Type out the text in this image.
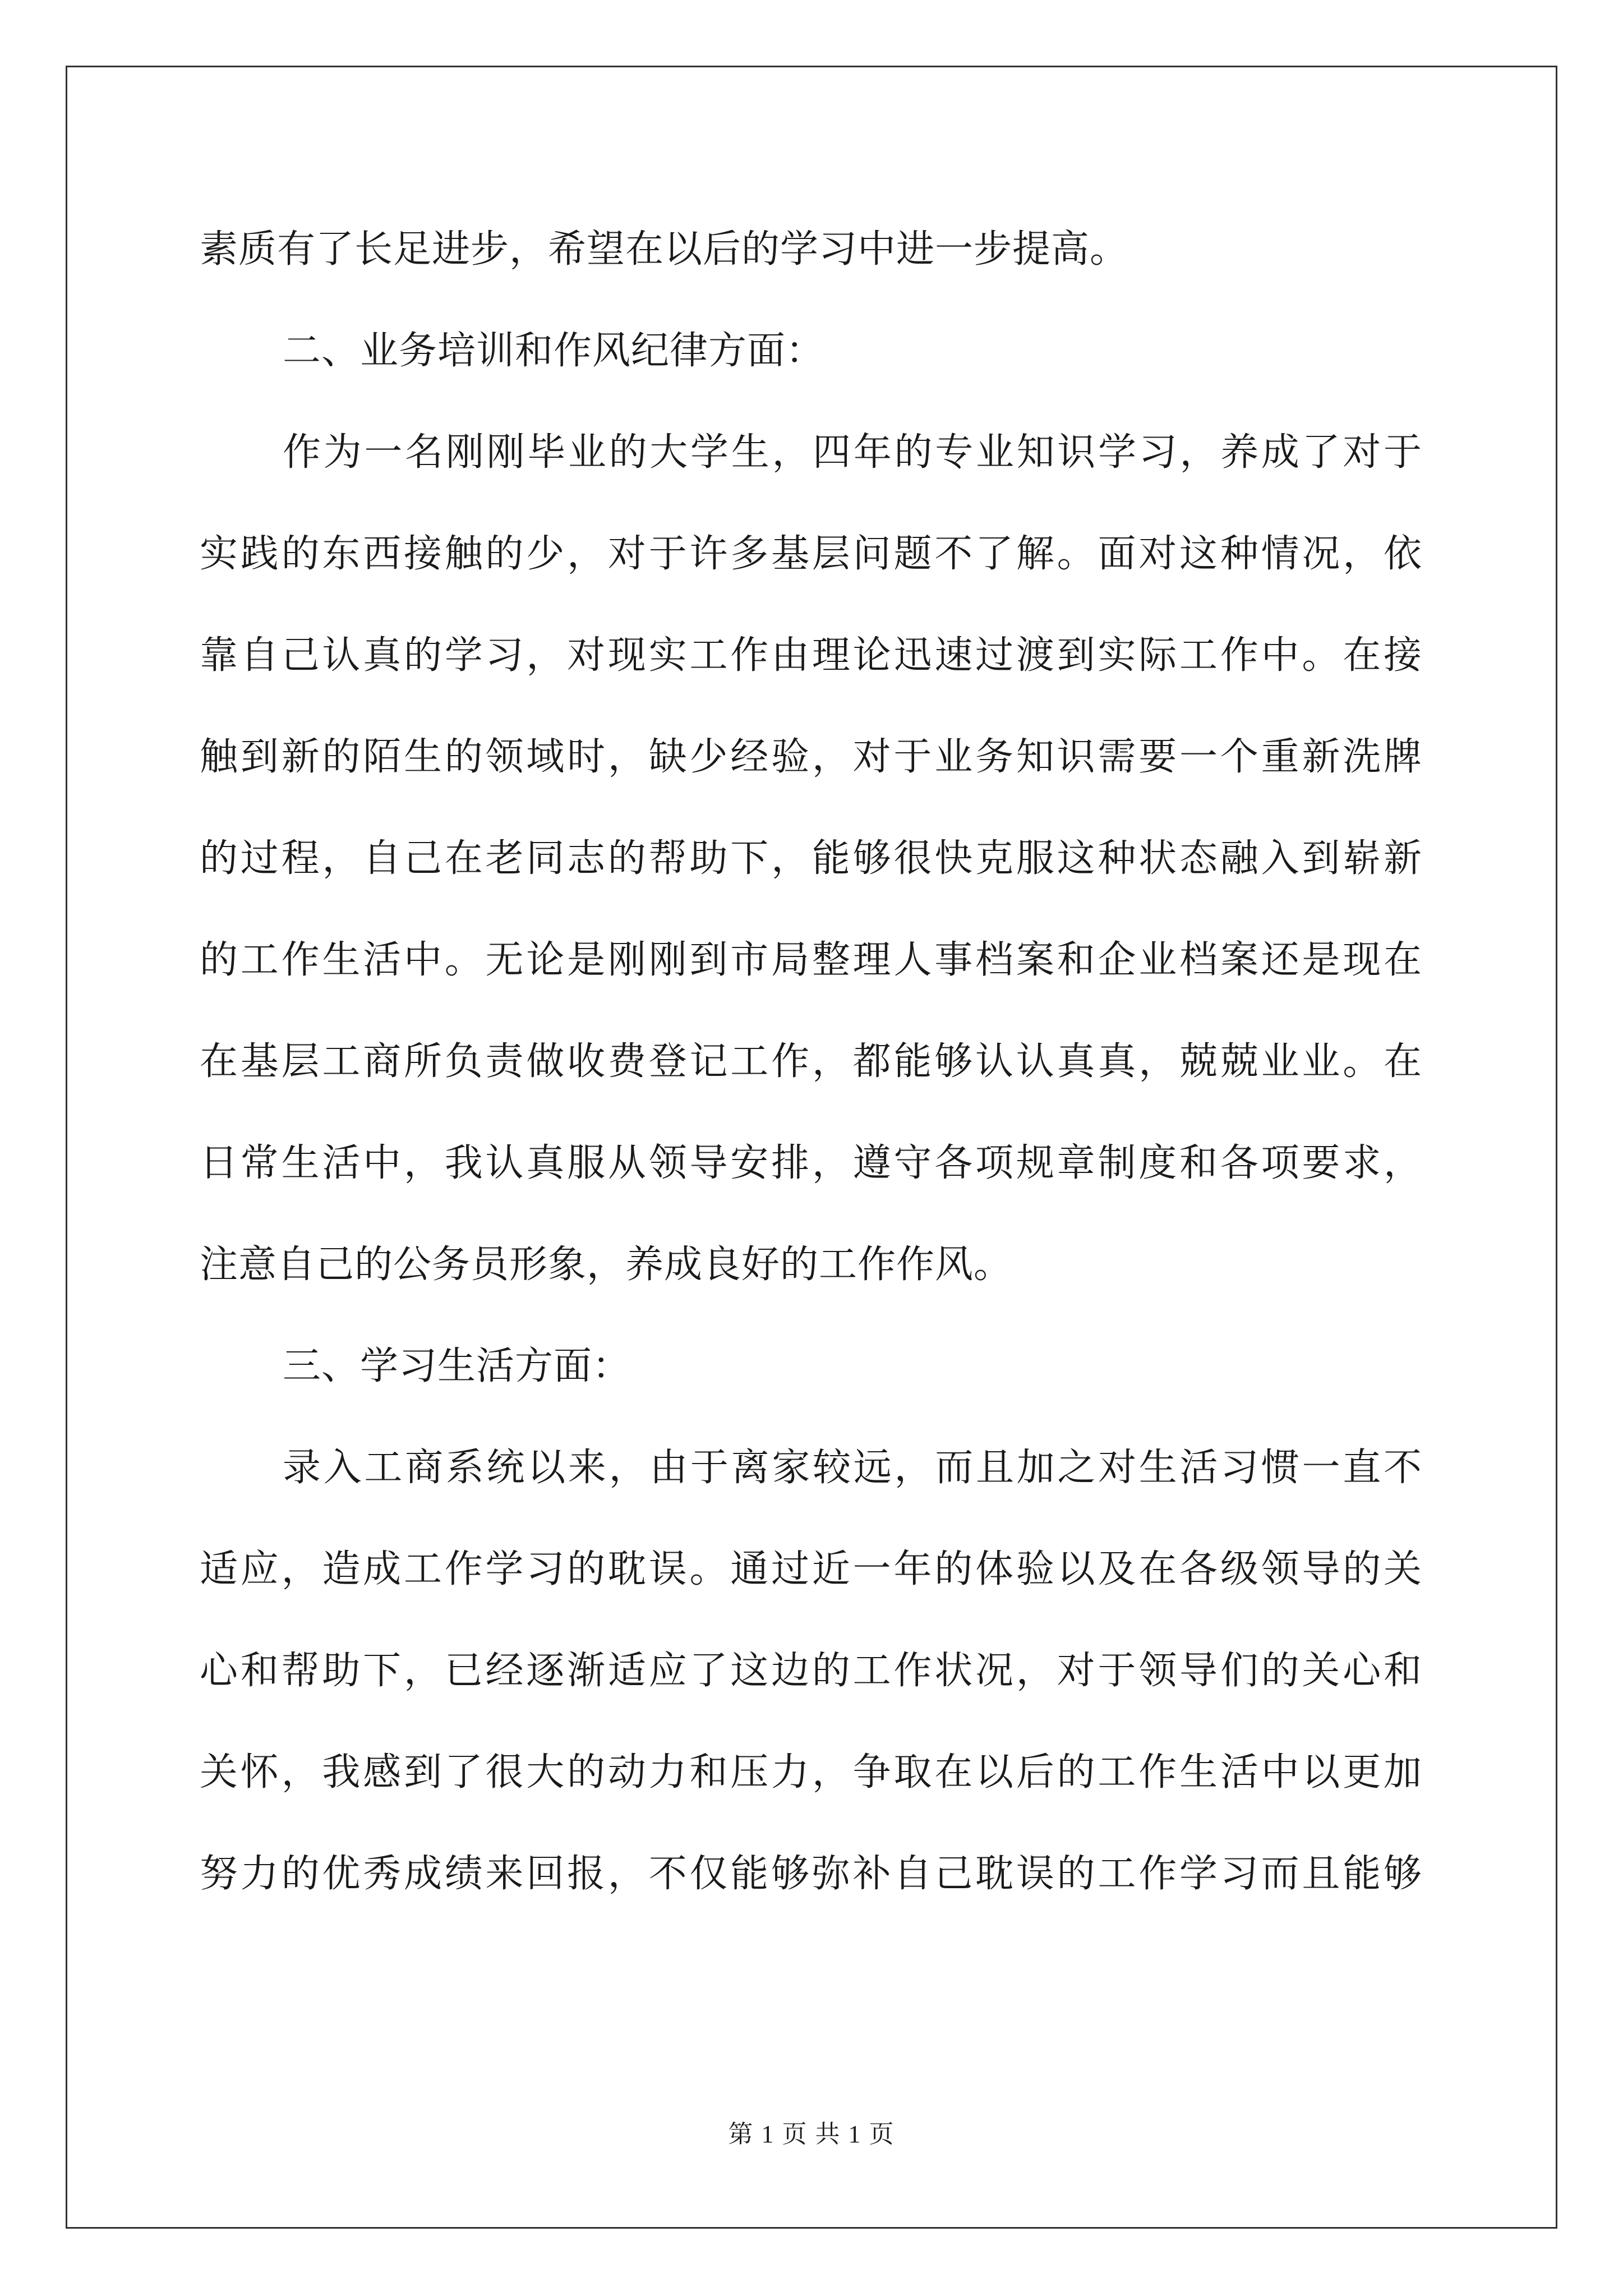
素质有了长足进步，希望在以后的学习中进一步提高。
二、业务培训和作风纪律方面：
作为一名刚刚毕业的大学生，四年的专业知识学习，养成了对于
实践的东西接触的少，对于许多基层问题不了解。面对这种情况，依
靠自己认真的学习，对现实工作由理论迅速过渡到实际工作中。在接
触到新的陌生的领域时，缺少经验，对于业务知识需要一个重新洗牌
的过程，自己在老同志的帮助下，能够很快克服这种状态融入到崭新
的工作生活中。无论是刚刚到市局整理人事档案和企业档案还是现在
在基层工商所负责做收费登记工作，都能够认认真真，兢兢业业。在
日常生活中，我认真服从领导安排，遵守各项规章制度和各项要求，
注意自己的公务员形象，养成良好的工作作风。
三、学习生活方面：
录入工商系统以来，由于离家较远，而且加之对生活习惯一直不
适应，造成工作学习的耽误。通过近一年的体验以及在各级领导的关
心和帮助下，已经逐渐适应了这边的工作状况，对于领导们的关心和
关怀，我感到了很大的动力和压力，争取在以后的工作生活中以更加
努力的优秀成绩来回报，不仅能够弥补自己耽误的工作学习而且能够
第 1 页 共 1 页
